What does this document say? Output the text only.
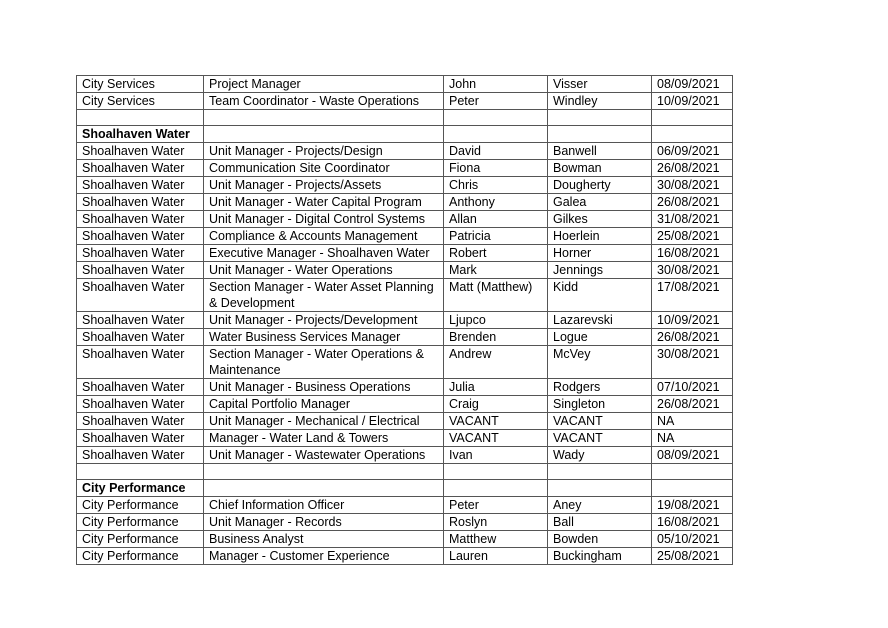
City Services	Project Manager	John	Visser	08/09/2021
City Services	Team Coordinator - Waste Operations	Peter	Windley	10/09/2021

Shoalhaven Water				
Shoalhaven Water	Unit Manager - Projects/Design	David	Banwell	06/09/2021
Shoalhaven Water	Communication Site Coordinator	Fiona	Bowman	26/08/2021
Shoalhaven Water	Unit Manager - Projects/Assets	Chris	Dougherty	30/08/2021
Shoalhaven Water	Unit Manager - Water Capital Program	Anthony	Galea	26/08/2021
Shoalhaven Water	Unit Manager - Digital Control Systems	Allan	Gilkes	31/08/2021
Shoalhaven Water	Compliance & Accounts Management	Patricia	Hoerlein	25/08/2021
Shoalhaven Water	Executive Manager - Shoalhaven Water	Robert	Horner	16/08/2021
Shoalhaven Water	Unit Manager - Water Operations	Mark	Jennings	30/08/2021
Shoalhaven Water	Section Manager - Water Asset Planning & Development	Matt (Matthew)	Kidd	17/08/2021
Shoalhaven Water	Unit Manager - Projects/Development	Ljupco	Lazarevski	10/09/2021
Shoalhaven Water	Water Business Services Manager	Brenden	Logue	26/08/2021
Shoalhaven Water	Section Manager - Water Operations & Maintenance	Andrew	McVey	30/08/2021
Shoalhaven Water	Unit Manager - Business Operations	Julia	Rodgers	07/10/2021
Shoalhaven Water	Capital Portfolio Manager	Craig	Singleton	26/08/2021
Shoalhaven Water	Unit Manager - Mechanical / Electrical	VACANT	VACANT	NA
Shoalhaven Water	Manager - Water Land & Towers	VACANT	VACANT	NA
Shoalhaven Water	Unit Manager - Wastewater Operations	Ivan	Wady	08/09/2021

City Performance				
City Performance	Chief Information Officer	Peter	Aney	19/08/2021
City Performance	Unit Manager - Records	Roslyn	Ball	16/08/2021
City Performance	Business Analyst	Matthew	Bowden	05/10/2021
City Performance	Manager - Customer Experience	Lauren	Buckingham	25/08/2021
